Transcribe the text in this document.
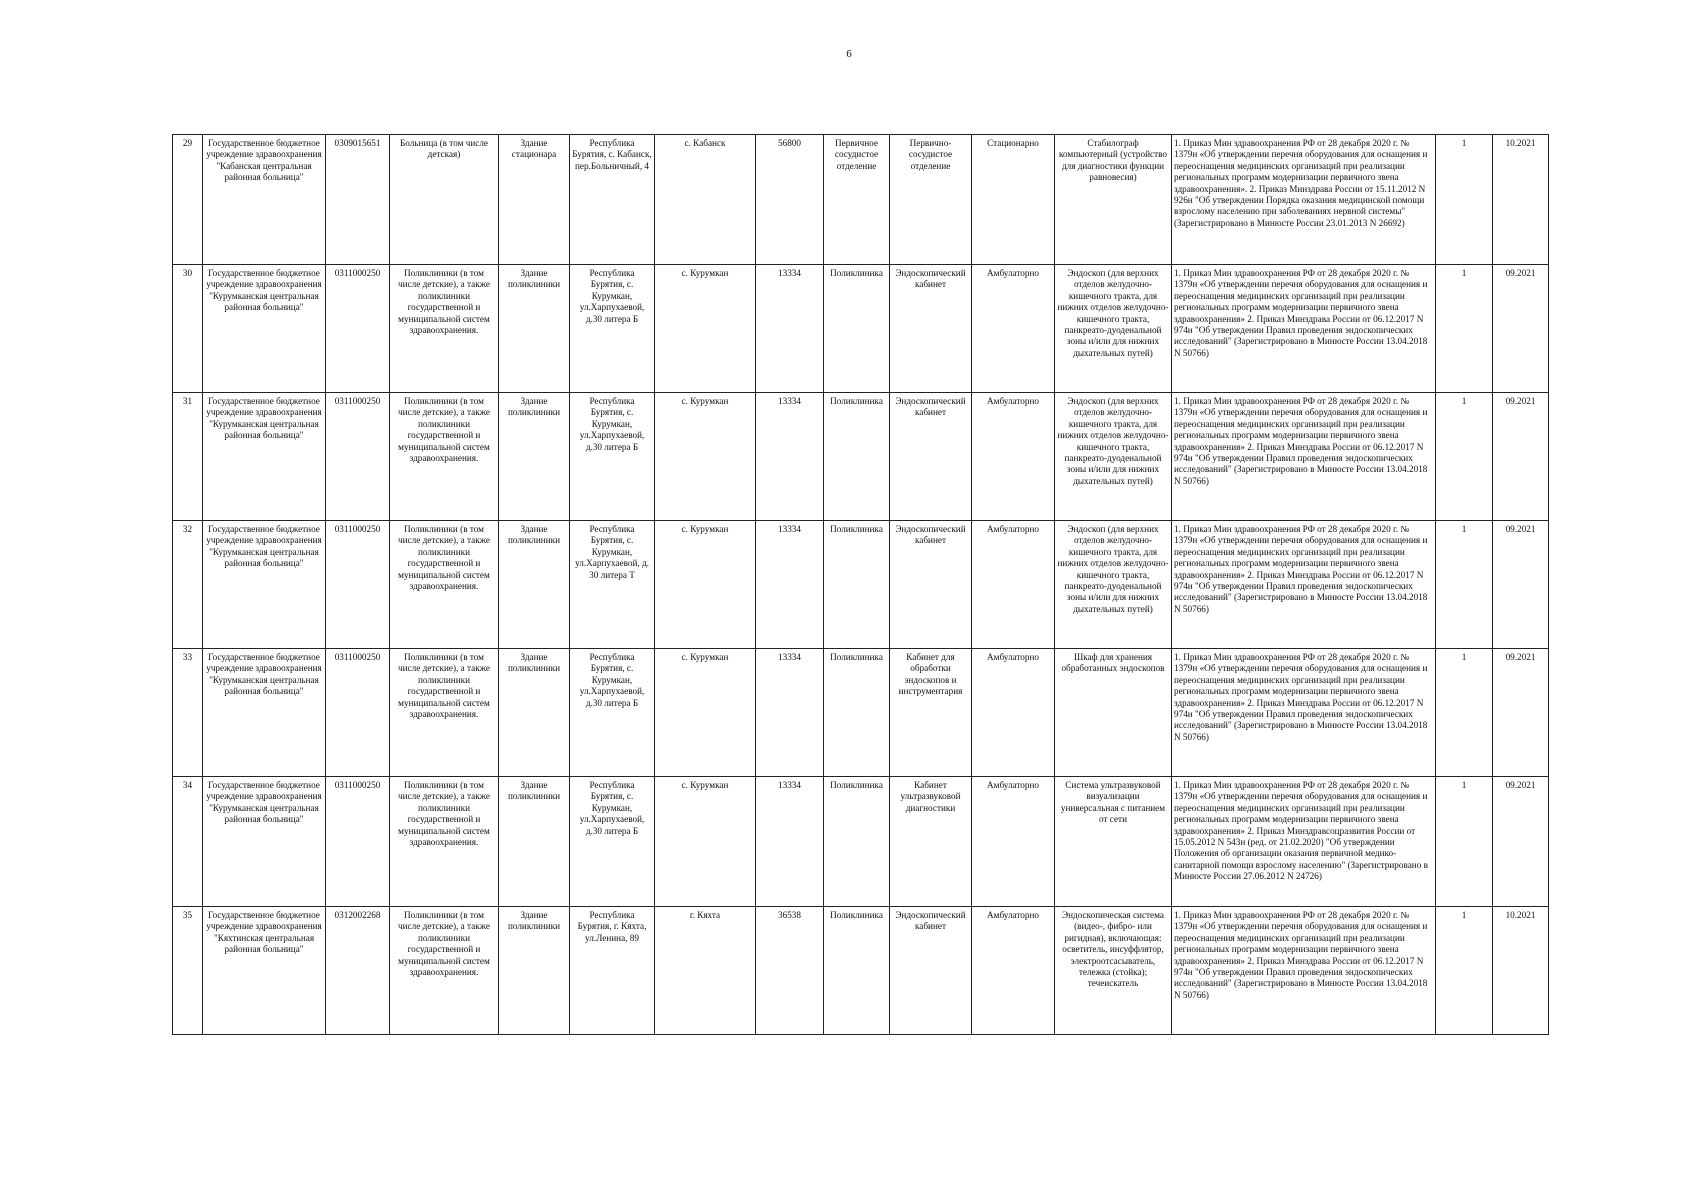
6
29	Государственное бюджетное учреждение здравоохранения "Кабанская центральная районная больница"	0309015651	Больница (в том числе детская)	Здание стационара	Республика Бурятия, с. Кабанск, пер.Больничный, 4	с. Кабанск	56800	Первичное сосудистое отделение	Первично-сосудистое отделение	Стационарно	Стабилограф компьютерный (устройство для диагностики функции равновесия)	1. Приказ Мин здравоохранения РФ от 28 декабря 2020 г. № 1379н «Об утверждении перечня оборудования для оснащения и переоснащения медицинских организаций при реализации региональных программ модернизации первичного звена здравоохранения». 2. Приказ Минздрава России от 15.11.2012 N 926н "Об утверждении Порядка оказания медицинской помощи взрослому населению при заболеваниях нервной системы" (Зарегистрировано в Минюсте России 23.01.2013 N 26692)	1	10.2021
30	Государственное бюджетное учреждение здравоохранения "Курумканская центральная районная больница"	0311000250	Поликлиники (в том числе детские), а также поликлиники государственной и муниципальной систем здравоохранения.	Здание поликлиники	Республика Бурятия, с. Курумкан, ул.Харпухаевой, д.30 литера Б	с. Курумкан	13334	Поликлиника	Эндоскопический кабинет	Амбулаторно	Эндоскоп (для верхних отделов желудочно-кишечного тракта, для нижних отделов желудочно-кишечного тракта, панкреато-дуоденальной зоны и/или для нижних дыхательных путей)	1. Приказ Мин здравоохранения РФ от 28 декабря 2020 г. № 1379н «Об утверждении перечня оборудования для оснащения и переоснащения медицинских организаций при реализации региональных программ модернизации первичного звена здравоохранения» 2. Приказ Минздрава России от 06.12.2017 N 974н "Об утверждении Правил проведения эндоскопических исследований" (Зарегистрировано в Минюсте России 13.04.2018 N 50766)	1	09.2021
31	Государственное бюджетное учреждение здравоохранения "Курумканская центральная районная больница"	0311000250	Поликлиники (в том числе детские), а также поликлиники государственной и муниципальной систем здравоохранения.	Здание поликлиники	Республика Бурятия, с. Курумкан, ул.Харпухаевой, д.30 литера Б	с. Курумкан	13334	Поликлиника	Эндоскопический кабинет	Амбулаторно	Эндоскоп (для верхних отделов желудочно-кишечного тракта, для нижних отделов желудочно-кишечного тракта, панкреато-дуоденальной зоны и/или для нижних дыхательных путей)	1. Приказ Мин здравоохранения РФ от 28 декабря 2020 г. № 1379н «Об утверждении перечня оборудования для оснащения и переоснащения медицинских организаций при реализации региональных программ модернизации первичного звена здравоохранения» 2. Приказ Минздрава России от 06.12.2017 N 974н "Об утверждении Правил проведения эндоскопических исследований" (Зарегистрировано в Минюсте России 13.04.2018 N 50766)	1	09.2021
32	Государственное бюджетное учреждение здравоохранения "Курумканская центральная районная больница"	0311000250	Поликлиники (в том числе детские), а также поликлиники государственной и муниципальной систем здравоохранения.	Здание поликлиники	Республика Бурятия, с. Курумкан, ул.Харпухаевой, д. 30 литера Т	с. Курумкан	13334	Поликлиника	Эндоскопический кабинет	Амбулаторно	Эндоскоп (для верхних отделов желудочно-кишечного тракта, для нижних отделов желудочно-кишечного тракта, панкреато-дуоденальной зоны и/или для нижних дыхательных путей)	1. Приказ Мин здравоохранения РФ от 28 декабря 2020 г. № 1379н «Об утверждении перечня оборудования для оснащения и переоснащения медицинских организаций при реализации региональных программ модернизации первичного звена здравоохранения» 2. Приказ Минздрава России от 06.12.2017 N 974н "Об утверждении Правил проведения эндоскопических исследований" (Зарегистрировано в Минюсте России 13.04.2018 N 50766)	1	09.2021
33	Государственное бюджетное учреждение здравоохранения "Курумканская центральная районная больница"	0311000250	Поликлиники (в том числе детские), а также поликлиники государственной и муниципальной систем здравоохранения.	Здание поликлиники	Республика Бурятия, с. Курумкан, ул.Харпухаевой, д.30 литера Б	с. Курумкан	13334	Поликлиника	Кабинет для обработки эндоскопов и инструментария	Амбулаторно	Шкаф для хранения обработанных эндоскопов	1. Приказ Мин здравоохранения РФ от 28 декабря 2020 г. № 1379н «Об утверждении перечня оборудования для оснащения и переоснащения медицинских организаций при реализации региональных программ модернизации первичного звена здравоохранения» 2. Приказ Минздрава России от 06.12.2017 N 974н "Об утверждении Правил проведения эндоскопических исследований" (Зарегистрировано в Минюсте России 13.04.2018 N 50766)	1	09.2021
34	Государственное бюджетное учреждение здравоохранения "Курумканская центральная районная больница"	0311000250	Поликлиники (в том числе детские), а также поликлиники государственной и муниципальной систем здравоохранения.	Здание поликлиники	Республика Бурятия, с. Курумкан, ул.Харпухаевой, д.30 литера Б	с. Курумкан	13334	Поликлиника	Кабинет ультразвуковой диагностики	Амбулаторно	Система ультразвуковой визуализации универсальная с питанием от сети	1. Приказ Мин здравоохранения РФ от 28 декабря 2020 г. № 1379н «Об утверждении перечня оборудования для оснащения и переоснащения медицинских организаций при реализации региональных программ модернизации первичного звена здравоохранения» 2. Приказ Минздравсоцразвития России от 15.05.2012 N 543н (ред. от 21.02.2020) "Об утверждении Положения об организации оказания первичной медико-санитарной помощи взрослому населению" (Зарегистрировано в Минюсте России 27.06.2012 N 24726)	1	09.2021
35	Государственное бюджетное учреждение здравоохранения "Кяхтинская центральная районная больница"	0312002268	Поликлиники (в том числе детские), а также поликлиники государственной и муниципальной систем здравоохранения.	Здание поликлиники	Республика Бурятия, г. Кяхта, ул.Ленина, 89	г. Кяхта	36538	Поликлиника	Эндоскопический кабинет	Амбулаторно	Эндоскопическая система (видео-, фибро- или ригидная), включающая: осветитель, инсуффлятор, электроотсасыватель, тележка (стойка); течеискатель	1. Приказ Мин здравоохранения РФ от 28 декабря 2020 г. № 1379н «Об утверждении перечня оборудования для оснащения и переоснащения медицинских организаций при реализации региональных программ модернизации первичного звена здравоохранения» 2. Приказ Минздрава России от 06.12.2017 N 974н "Об утверждении Правил проведения эндоскопических исследований" (Зарегистрировано в Минюсте России 13.04.2018 N 50766)	1	10.2021
